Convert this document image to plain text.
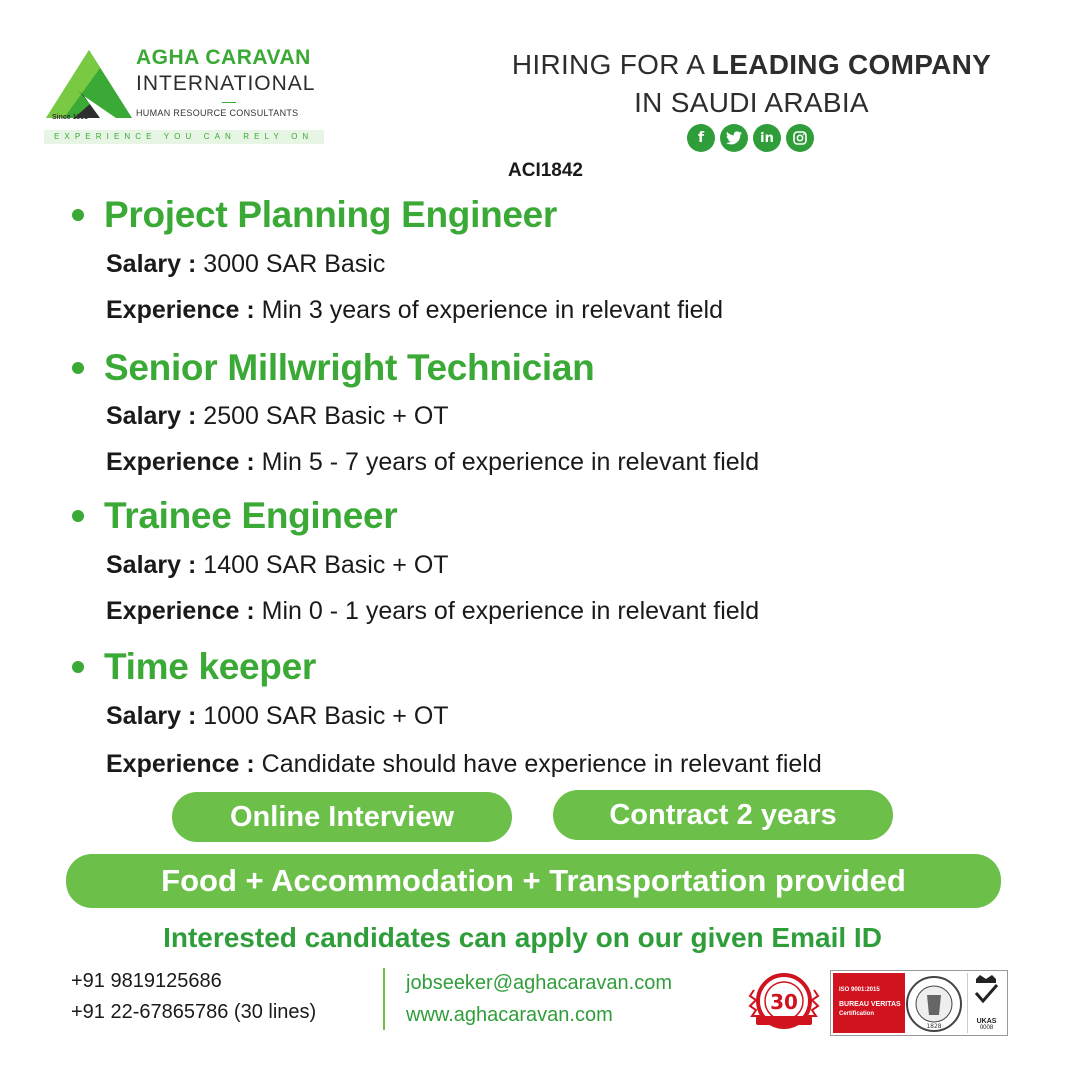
Since 1993
AGHA CARAVAN
INTERNATIONAL
HUMAN RESOURCE CONSULTANTS
EXPERIENCE YOU CAN RELY ON
HIRING FOR A LEADING COMPANY
IN SAUDI ARABIA
f	in
ACI1842
Project Planning Engineer
Salary : 3000 SAR Basic
Experience : Min 3 years of experience in relevant field
Senior Millwright Technician
Salary : 2500 SAR Basic + OT
Experience : Min 5 - 7 years of experience in relevant field
Trainee Engineer
Salary : 1400 SAR Basic + OT
Experience : Min 0 - 1 years of experience in relevant field
Time keeper
Salary : 1000 SAR Basic + OT
Experience : Candidate should have experience in relevant field
Online Interview	Contract 2 years
Food + Accommodation + Transportation provided
Interested candidates can apply on our given Email ID
+91 9819125686
+91 22-67865786 (30 lines)
jobseeker@aghacaravan.com
www.aghacaravan.com
30	ISO 9001:2015
BUREAU VERITAS
Certification
1828
UKAS
0008
